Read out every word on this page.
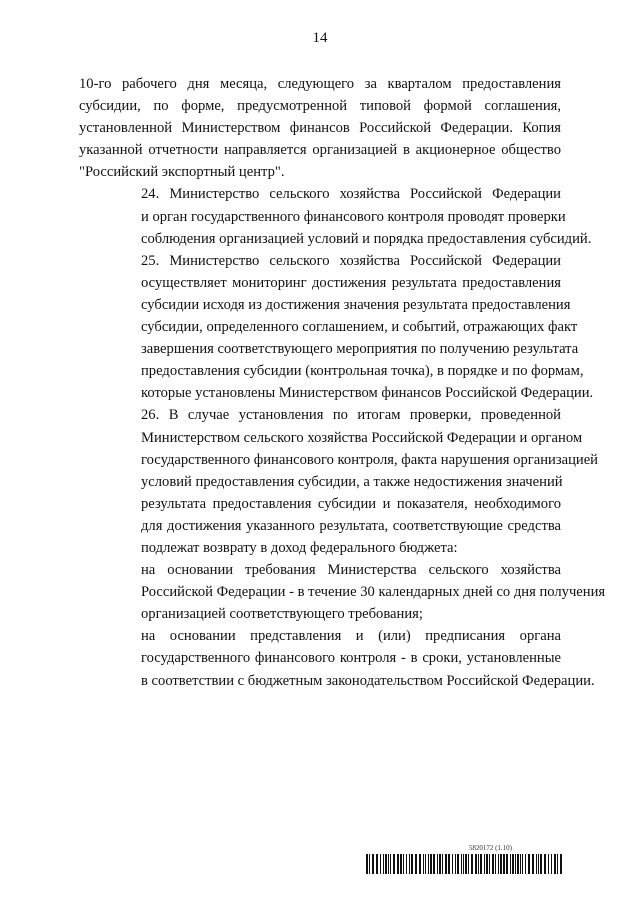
14

10-го рабочего дня месяца, следующего за кварталом предоставления
субсидии, по форме, предусмотренной типовой формой соглашения,
установленной Министерством финансов Российской Федерации. Копия
указанной отчетности направляется организацией в акционерное общество
"Российский экспортный центр".

24. Министерство сельского хозяйства Российской Федерации
и орган государственного финансового контроля проводят проверки
соблюдения организацией условий и порядка предоставления субсидий.

25. Министерство сельского хозяйства Российской Федерации
осуществляет мониторинг достижения результата предоставления
субсидии исходя из достижения значения результата предоставления
субсидии, определенного соглашением, и событий, отражающих факт
завершения соответствующего мероприятия по получению результата
предоставления субсидии (контрольная точка), в порядке и по формам,
которые установлены Министерством финансов Российской Федерации.

26. В случае установления по итогам проверки, проведенной
Министерством сельского хозяйства Российской Федерации и органом
государственного финансового контроля, факта нарушения организацией
условий предоставления субсидии, а также недостижения значений
результата предоставления субсидии и показателя, необходимого
для достижения указанного результата, соответствующие средства
подлежат возврату в доход федерального бюджета:

на основании требования Министерства сельского хозяйства
Российской Федерации - в течение 30 календарных дней со дня получения
организацией соответствующего требования;

на основании представления и (или) предписания органа
государственного финансового контроля - в сроки, установленные
в соответствии с бюджетным законодательством Российской Федерации.

5820172 (1.10)
